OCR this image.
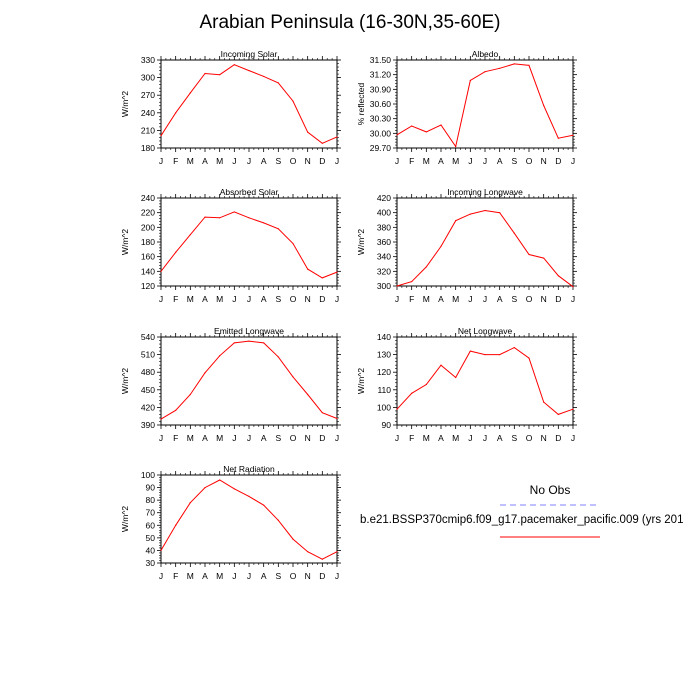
Arabian Peninsula (16-30N,35-60E)
Incoming Solar
W/m^2
180
210
240
270
300
330
J F M A M J J A S O N D J
Albedo
% reflected
29.70
30.00
30.30
30.60
30.90
31.20
31.50
J F M A M J J A S O N D J
Absorbed Solar
W/m^2
120
140
160
180
200
220
240
J F M A M J J A S O N D J
Incoming Longwave
W/m^2
300
320
340
360
380
400
420
J F M A M J J A S O N D J
Emitted Longwave
W/m^2
390
420
450
480
510
540
J F M A M J J A S O N D J
Net Longwave
W/m^2
90
100
110
120
130
140
J F M A M J J A S O N D J
Net Radiation
W/m^2
30
40
50
60
70
80
90
100
J F M A M J J A S O N D J
No Obs
b.e21.BSSP370cmip6.f09_g17.pacemaker_pacific.009 (yrs 201
